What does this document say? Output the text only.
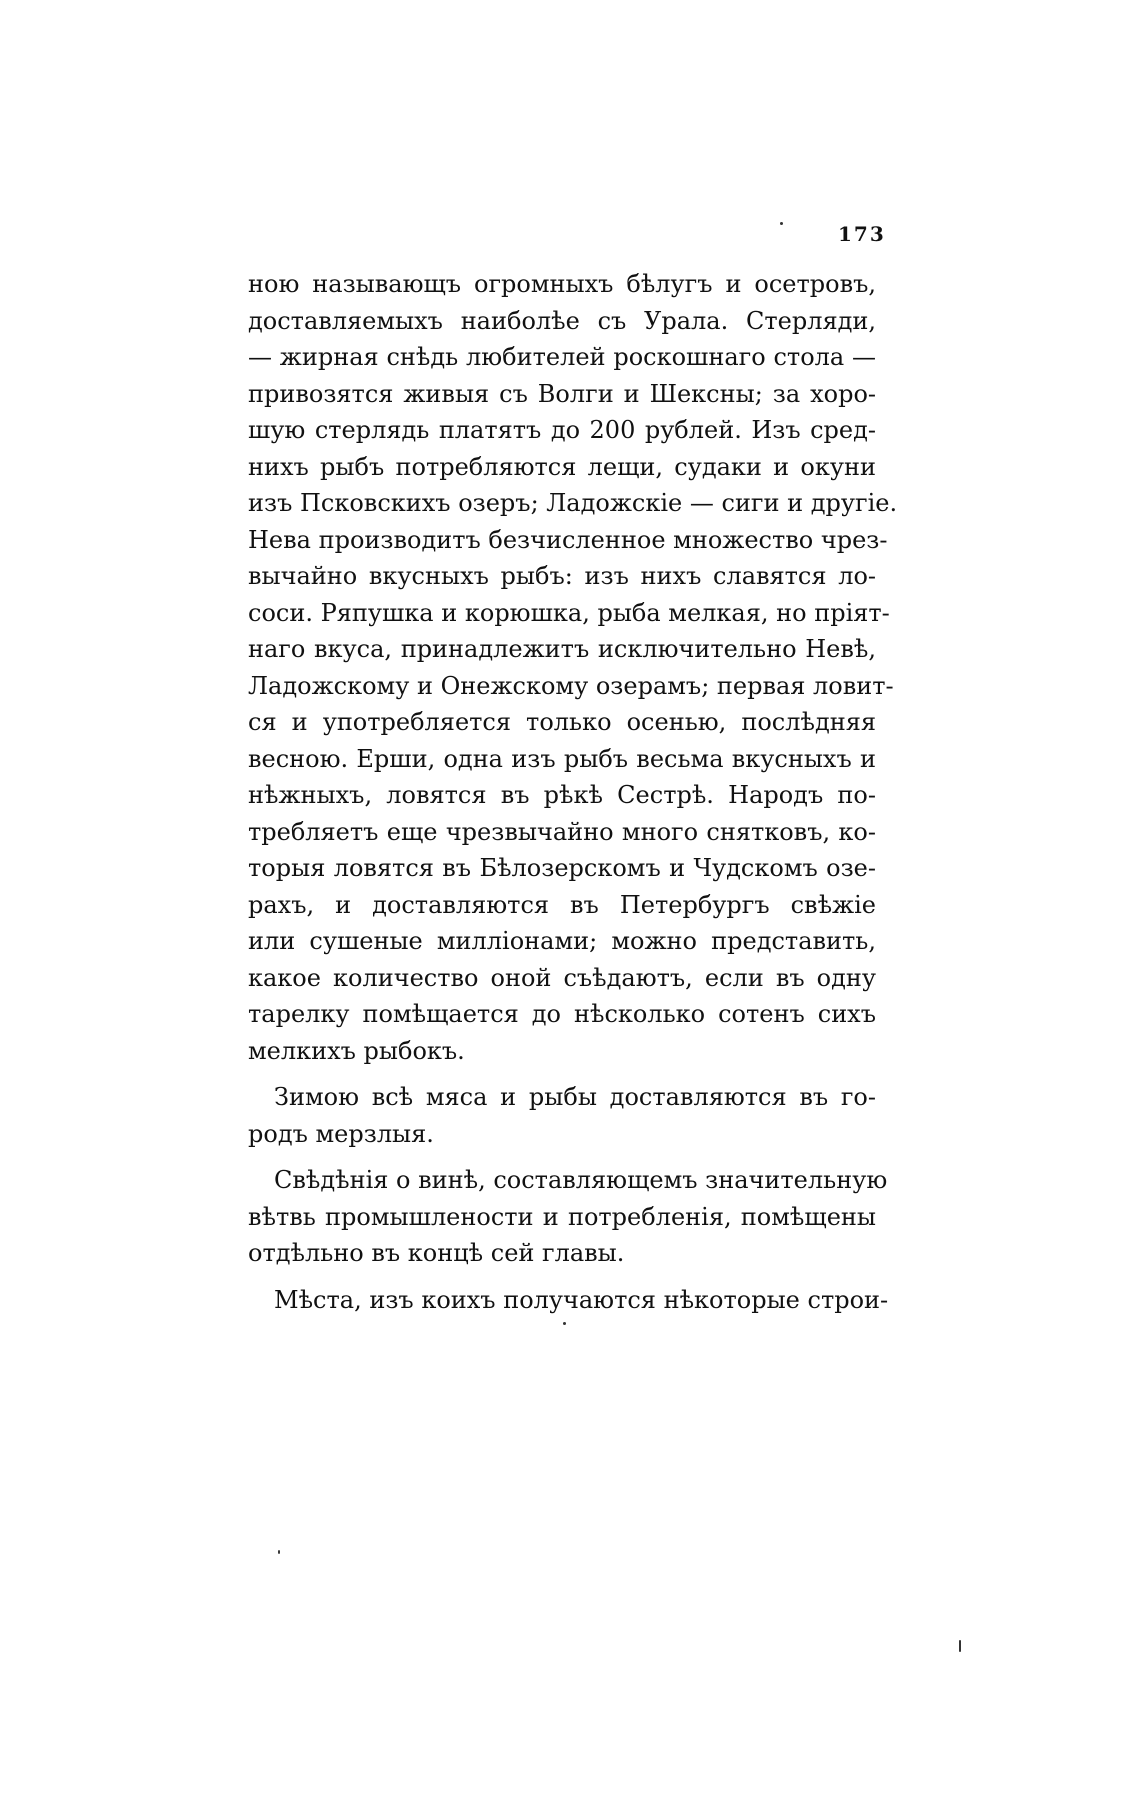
173
ною называющъ огромныхъ бѣлугъ и осетровъ,
доставляемыхъ наиболѣе съ Урала. Стерляди,
— жирная снѣдь любителей роскошнаго стола —
привозятся живыя съ Волги и Шексны; за хоро-
шую стерлядь платятъ до 200 рублей. Изъ сред-
нихъ рыбъ потребляются лещи, судаки и окуни
изъ Псковскихъ озеръ; Ладожскіе — сиги и другіе.
Нева производитъ безчисленное множество чрез-
вычайно вкусныхъ рыбъ: изъ нихъ славятся ло-
соси. Ряпушка и корюшка, рыба мелкая, но пріят-
наго вкуса, принадлежитъ исключительно Невѣ,
Ладожскому и Онежскому озерамъ; первая ловит-
ся и употребляется только осенью, послѣдняя
весною. Ерши, одна изъ рыбъ весьма вкусныхъ и
нѣжныхъ, ловятся въ рѣкѣ Сестрѣ. Народъ по-
требляетъ еще чрезвычайно много снятковъ, ко-
торыя ловятся въ Бѣлозерскомъ и Чудскомъ озе-
рахъ, и доставляются въ Петербургъ свѣжіе
или сушеные милліонами; можно представить,
какое количество оной съѣдаютъ, если въ одну
тарелку помѣщается до нѣсколько сотенъ сихъ
мелкихъ рыбокъ.
Зимою всѣ мяса и рыбы доставляются въ го-
родъ мерзлыя.
Свѣдѣнія о винѣ, составляющемъ значительную
вѣтвь промышлености и потребленія, помѣщены
отдѣльно въ концѣ сей главы.
Мѣста, изъ коихъ получаются нѣкоторые строи-
